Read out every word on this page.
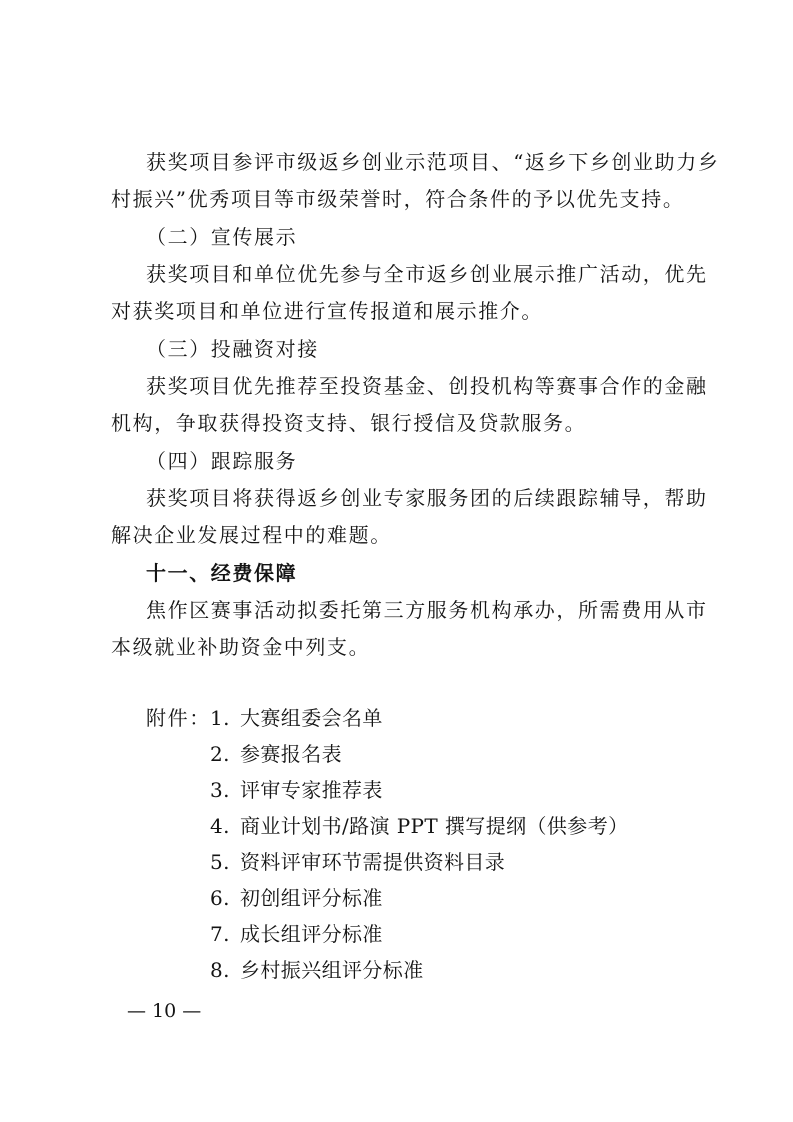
获奖项目参评市级返乡创业示范项目、“返乡下乡创业助力乡
村振兴”优秀项目等市级荣誉时，符合条件的予以优先支持。
（二）宣传展示
获奖项目和单位优先参与全市返乡创业展示推广活动，优先
对获奖项目和单位进行宣传报道和展示推介。
（三）投融资对接
获奖项目优先推荐至投资基金、创投机构等赛事合作的金融
机构，争取获得投资支持、银行授信及贷款服务。
（四）跟踪服务
获奖项目将获得返乡创业专家服务团的后续跟踪辅导，帮助
解决企业发展过程中的难题。
十一、经费保障
焦作区赛事活动拟委托第三方服务机构承办，所需费用从市
本级就业补助资金中列支。
附件： 1. 大赛组委会名单
2. 参赛报名表
3. 评审专家推荐表
4. 商业计划书/路演 PPT 撰写提纲（供参考）
5. 资料评审环节需提供资料目录
6. 初创组评分标准
7. 成长组评分标准
8. 乡村振兴组评分标准
— 10 —
